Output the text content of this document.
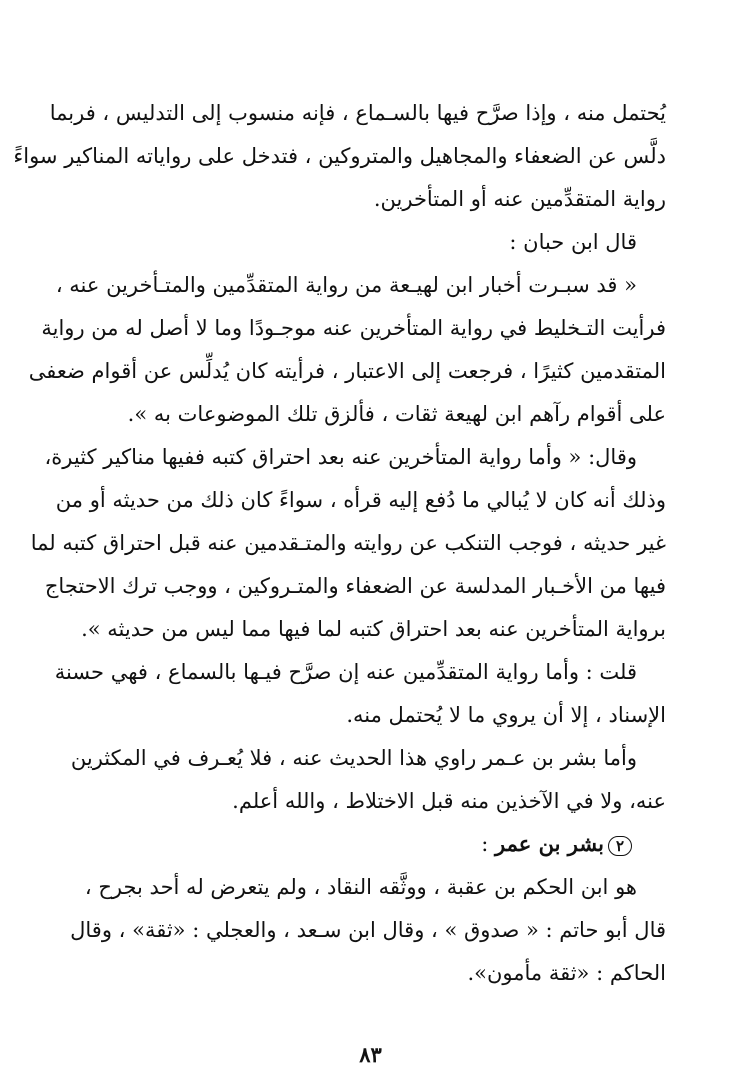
يُحتمل منه ، وإذا صرَّح فيها بالسـماع ، فإنه منسوب إلى التدليس ، فربما
دلَّس عن الضعفاء والمجاهيل والمتروكين ، فتدخل على رواياته المناكير سواءً
رواية المتقدِّمين عنه أو المتأخرين.
قال ابن حبان :
« قد سبـرت أخبار ابن لهيـعة من رواية المتقدِّمين والمتـأخرين عنه ،
فرأيت التـخليط في رواية المتأخرين عنه موجـودًا وما لا أصل له من رواية
المتقدمين كثيرًا ، فرجعت إلى الاعتبار ، فرأيته كان يُدلِّس عن أقوام ضعفى
على أقوام رآهم ابن لهيعة ثقات ، فألزق تلك الموضوعات به ».
وقال: « وأما رواية المتأخرين عنه بعد احتراق كتبه ففيها مناكير كثيرة،
وذلك أنه كان لا يُبالي ما دُفع إليه قرأه ، سواءً كان ذلك من حديثه أو من
غير حديثه ، فوجب التنكب عن روايته والمتـقدمين عنه قبل احتراق كتبه لما
فيها من الأخـبار المدلسة عن الضعفاء والمتـروكين ، ووجب ترك الاحتجاج
برواية المتأخرين عنه بعد احتراق كتبه لما فيها مما ليس من حديثه ».
قلت : وأما رواية المتقدِّمين عنه إن صرَّح فيـها بالسماع ، فهي حسنة
الإسناد ، إلا أن يروي ما لا يُحتمل منه.
وأما بشر بن عـمر راوي هذا الحديث عنه ، فلا يُعـرف في المكثرين
عنه، ولا في الآخذين منه قبل الاختلاط ، والله أعلم.
٢بشر بن عمر :
هو ابن الحكم بن عقبة ، ووثَّقه النقاد ، ولم يتعرض له أحد بجرح ،
قال أبو حاتم : « صدوق » ، وقال ابن سـعد ، والعجلي : «ثقة» ، وقال
الحاكم : «ثقة مأمون».
٨٣
